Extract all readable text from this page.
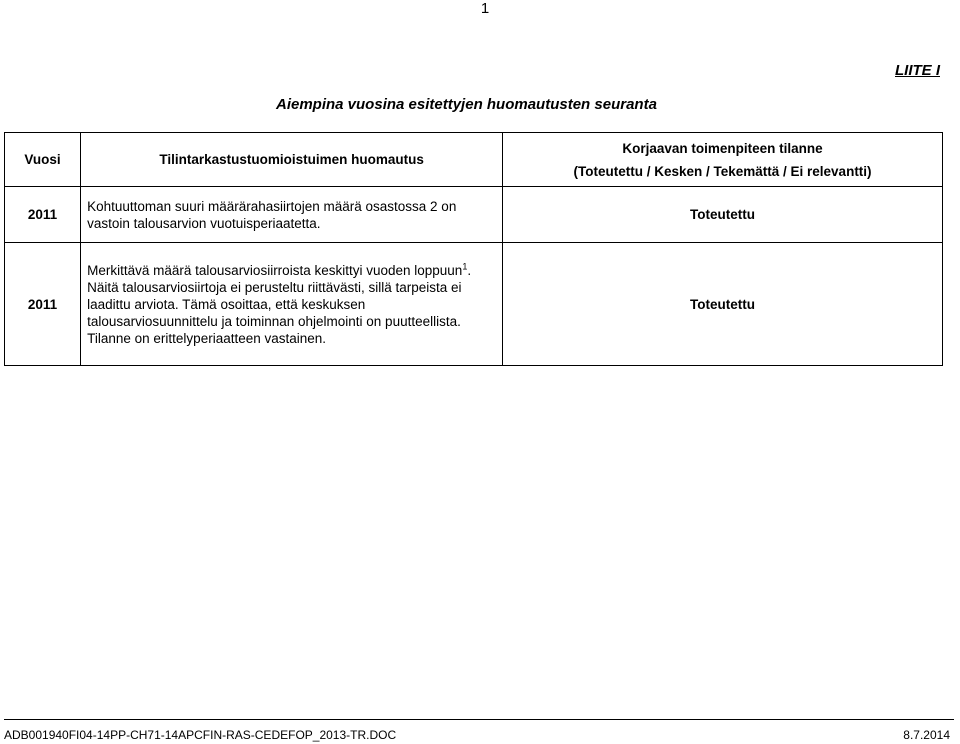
1
LIITE I
Aiempina vuosina esitettyjen huomautusten seuranta
Vuosi	Tilintarkastustuomioistuimen huomautus	Korjaavan toimenpiteen tilanne
(Toteutettu / Kesken / Tekemättä / Ei relevantti)
2011	Kohtuuttoman suuri määrärahasiirtojen määrä osastossa 2 on vastoin talousarvion vuotuisperiaatetta.	Toteutettu
2011	Merkittävä määrä talousarviosiirroista keskittyi vuoden loppuun$^1$. Näitä talousarviosiirtoja ei perusteltu riittävästi, sillä tarpeista ei laadittu arviota. Tämä osoittaa, että keskuksen talousarviosuunnittelu ja toiminnan ohjelmointi on puutteellista. Tilanne on erittelyperiaatteen vastainen.	Toteutettu
ADB001940FI04-14PP-CH71-14APCFIN-RAS-CEDEFOP_2013-TR.DOC	8.7.2014
